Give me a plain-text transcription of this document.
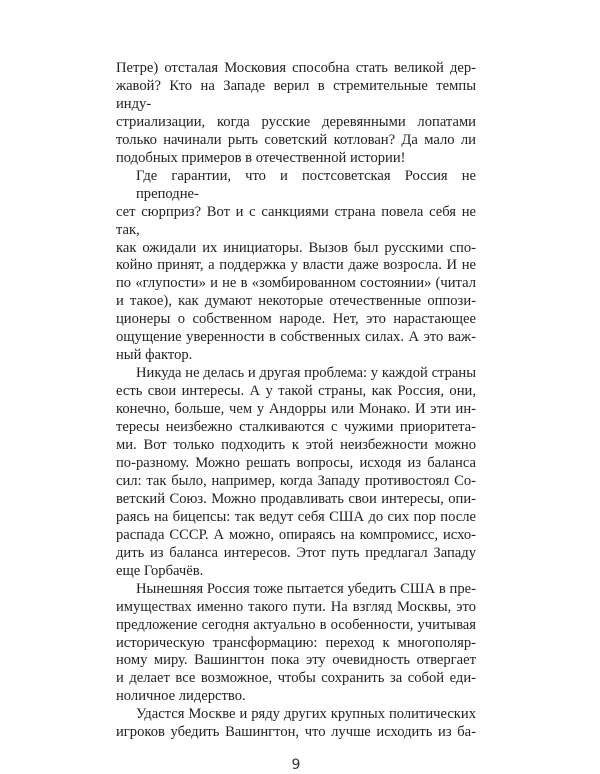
Петре) отсталая Московия способна стать великой дер-
жавой? Кто на Западе верил в стремительные темпы инду-
стриализации, когда русские деревянными лопатами
только начинали рыть советский котлован? Да мало ли
подобных примеров в отечественной истории!
Где гарантии, что и постсоветская Россия не преподне-
сет сюрприз? Вот и с санкциями страна повела себя не так,
как ожидали их инициаторы. Вызов был русскими спо-
койно принят, а поддержка у власти даже возросла. И не
по «глупости» и не в «зомбированном состоянии» (читал
и такое), как думают некоторые отечественные оппози-
ционеры о собственном народе. Нет, это нарастающее
ощущение уверенности в собственных силах. А это важ-
ный фактор.
Никуда не делась и другая проблема: у каждой страны
есть свои интересы. А у такой страны, как Россия, они,
конечно, больше, чем у Андорры или Монако. И эти ин-
тересы неизбежно сталкиваются с чужими приоритета-
ми. Вот только подходить к этой неизбежности можно
по-разному. Можно решать вопросы, исходя из баланса
сил: так было, например, когда Западу противостоял Со-
ветский Союз. Можно продавливать свои интересы, опи-
раясь на бицепсы: так ведут себя США до сих пор после
распада СССР. А можно, опираясь на компромисс, исхо-
дить из баланса интересов. Этот путь предлагал Западу
еще Горбачёв.
Нынешняя Россия тоже пытается убедить США в пре-
имуществах именно такого пути. На взгляд Москвы, это
предложение сегодня актуально в особенности, учитывая
историческую трансформацию: переход к многополяр-
ному миру. Вашингтон пока эту очевидность отвергает
и делает все возможное, чтобы сохранить за собой еди-
ноличное лидерство.
Удастся Москве и ряду других крупных политических
игроков убедить Вашингтон, что лучше исходить из ба-
9
